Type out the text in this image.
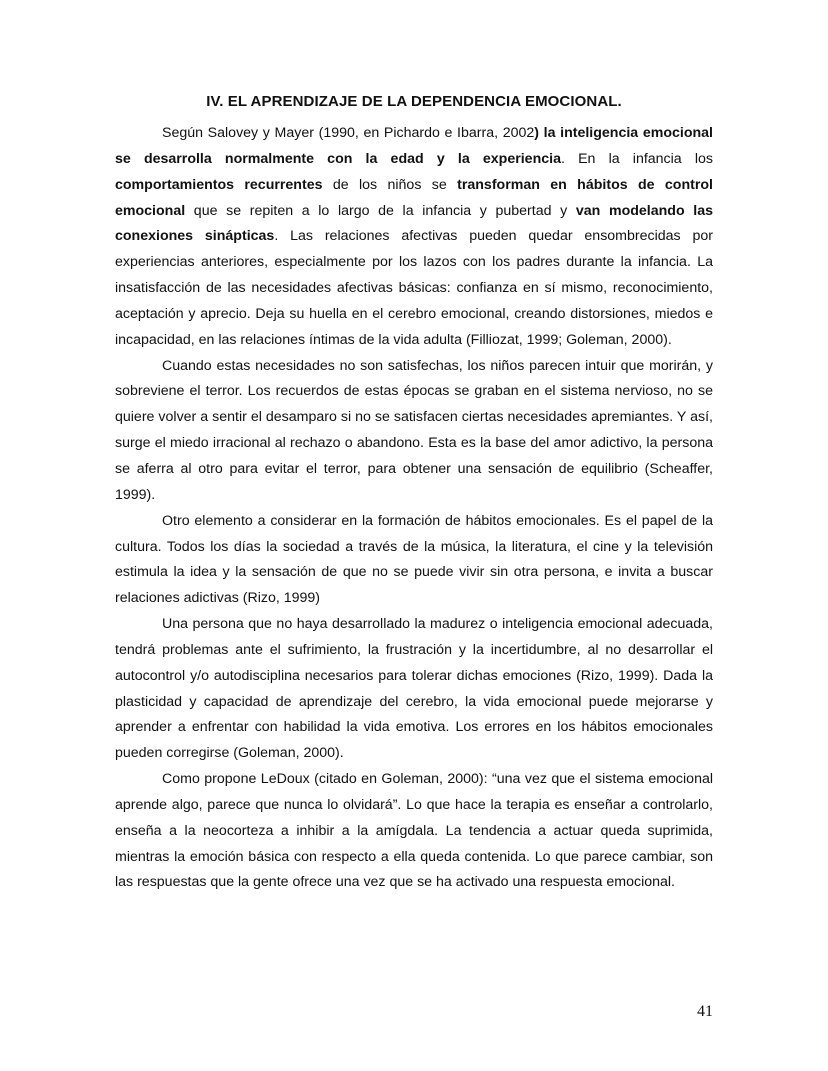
IV. EL APRENDIZAJE DE LA DEPENDENCIA EMOCIONAL.

Según Salovey y Mayer (1990, en Pichardo e Ibarra, 2002) la inteligencia emocional se desarrolla normalmente con la edad y la experiencia. En la infancia los comportamientos recurrentes de los niños se transforman en hábitos de control emocional que se repiten a lo largo de la infancia y pubertad y van modelando las conexiones sinápticas. Las relaciones afectivas pueden quedar ensombrecidas por experiencias anteriores, especialmente por los lazos con los padres durante la infancia. La insatisfacción de las necesidades afectivas básicas: confianza en sí mismo, reconocimiento, aceptación y aprecio. Deja su huella en el cerebro emocional, creando distorsiones, miedos e incapacidad, en las relaciones íntimas de la vida adulta (Filliozat, 1999; Goleman, 2000).

Cuando estas necesidades no son satisfechas, los niños parecen intuir que morirán, y sobreviene el terror. Los recuerdos de estas épocas se graban en el sistema nervioso, no se quiere volver a sentir el desamparo si no se satisfacen ciertas necesidades apremiantes. Y así, surge el miedo irracional al rechazo o abandono. Esta es la base del amor adictivo, la persona se aferra al otro para evitar el terror, para obtener una sensación de equilibrio (Scheaffer, 1999).

Otro elemento a considerar en la formación de hábitos emocionales. Es el papel de la cultura. Todos los días la sociedad a través de la música, la literatura, el cine y la televisión estimula la idea y la sensación de que no se puede vivir sin otra persona, e invita a buscar relaciones adictivas (Rizo, 1999)

Una persona que no haya desarrollado la madurez o inteligencia emocional adecuada, tendrá problemas ante el sufrimiento, la frustración y la incertidumbre, al no desarrollar el autocontrol y/o autodisciplina necesarios para tolerar dichas emociones (Rizo, 1999). Dada la plasticidad y capacidad de aprendizaje del cerebro, la vida emocional puede mejorarse y aprender a enfrentar con habilidad la vida emotiva. Los errores en los hábitos emocionales pueden corregirse (Goleman, 2000).

Como propone LeDoux (citado en Goleman, 2000): “una vez que el sistema emocional aprende algo, parece que nunca lo olvidará”. Lo que hace la terapia es enseñar a controlarlo, enseña a la neocorteza a inhibir a la amígdala. La tendencia a actuar queda suprimida, mientras la emoción básica con respecto a ella queda contenida. Lo que parece cambiar, son las respuestas que la gente ofrece una vez que se ha activado una respuesta emocional.

41
